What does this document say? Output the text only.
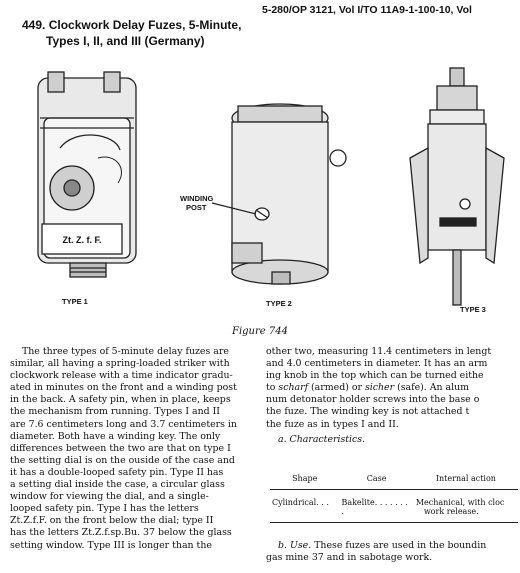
5-280/OP 3121, Vol I/TO 11A9-1-100-10, Vol
449. Clockwork Delay Fuzes, 5-Minute,
Types I, II, and III (Germany)
Zt. Z. f. F.
WINDING
POST
TYPE 1	TYPE 2
TYPE 3
Figure 744

The three types of 5-minute delay fuzes are

similar, all having a spring-loaded striker with
clockwork release with a time indicator gradu-
ated in minutes on the front and a winding post
in the back. A safety pin, when in place, keeps
the mechanism from running. Types I and II
are 7.6 centimeters long and 3.7 centimeters in
diameter. Both have a winding key. The only
differences between the two are that on type I
the setting dial is on the ouside of the case and
it has a double-looped safety pin. Type II has
a setting dial inside the case, a circular glass
window for viewing the dial, and a single-
looped safety pin. Type I has the letters
Zt.Z.f.F. on the front below the dial; type II
has the letters Zt.Z.f.sp.Bu. 37 below the glass
setting window. Type III is longer than the

other two, measuring 11.4 centimeters in lengt

and 4.0 centimeters in diameter. It has an arm

ing knob in the top which can be turned eithe

to scharf (armed) or sicher (safe). An alum

num detonator holder screws into the base o

the fuze. The winding key is not attached t

the fuze as in types I and II.

a. Characteristics.

Shape	Case	Internal action
Cylindrical. . .	Bakelite. . . . . . . .	Mechanical, with cloc
work release.
b. Use. These fuzes are used in the boundin
gas mine 37 and in sabotage work.
